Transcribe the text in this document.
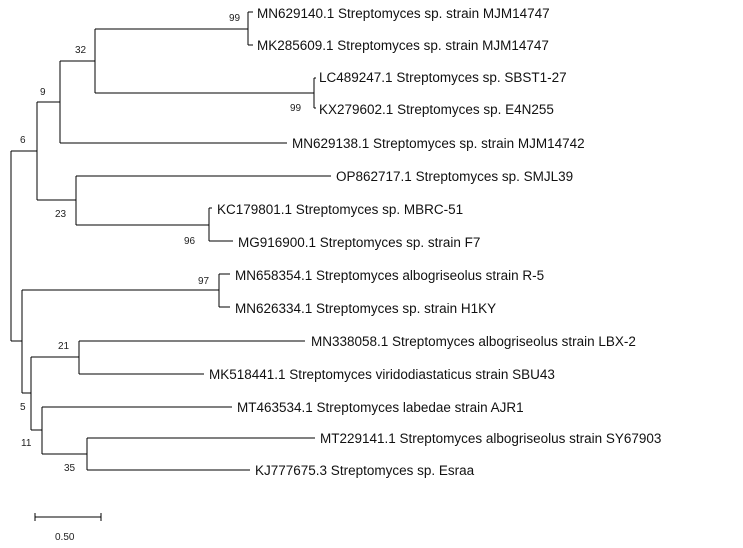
MN629140.1 Streptomyces sp. strain MJM14747
MK285609.1 Streptomyces sp. strain MJM14747
LC489247.1 Streptomyces sp. SBST1-27
KX279602.1 Streptomyces sp. E4N255
MN629138.1 Streptomyces sp. strain MJM14742
OP862717.1 Streptomyces sp. SMJL39
KC179801.1 Streptomyces sp. MBRC-51
MG916900.1 Streptomyces sp. strain F7
MN658354.1 Streptomyces albogriseolus strain R-5
MN626334.1 Streptomyces sp. strain H1KY
MN338058.1 Streptomyces albogriseolus strain LBX-2
MK518441.1 Streptomyces viridodiastaticus strain SBU43
MT463534.1 Streptomyces labedae strain AJR1
MT229141.1 Streptomyces albogriseolus strain SY67903
KJ777675.3 Streptomyces sp. Esraa
99
32
99
9
6
96
23
97
21
35
11
5
0.50
